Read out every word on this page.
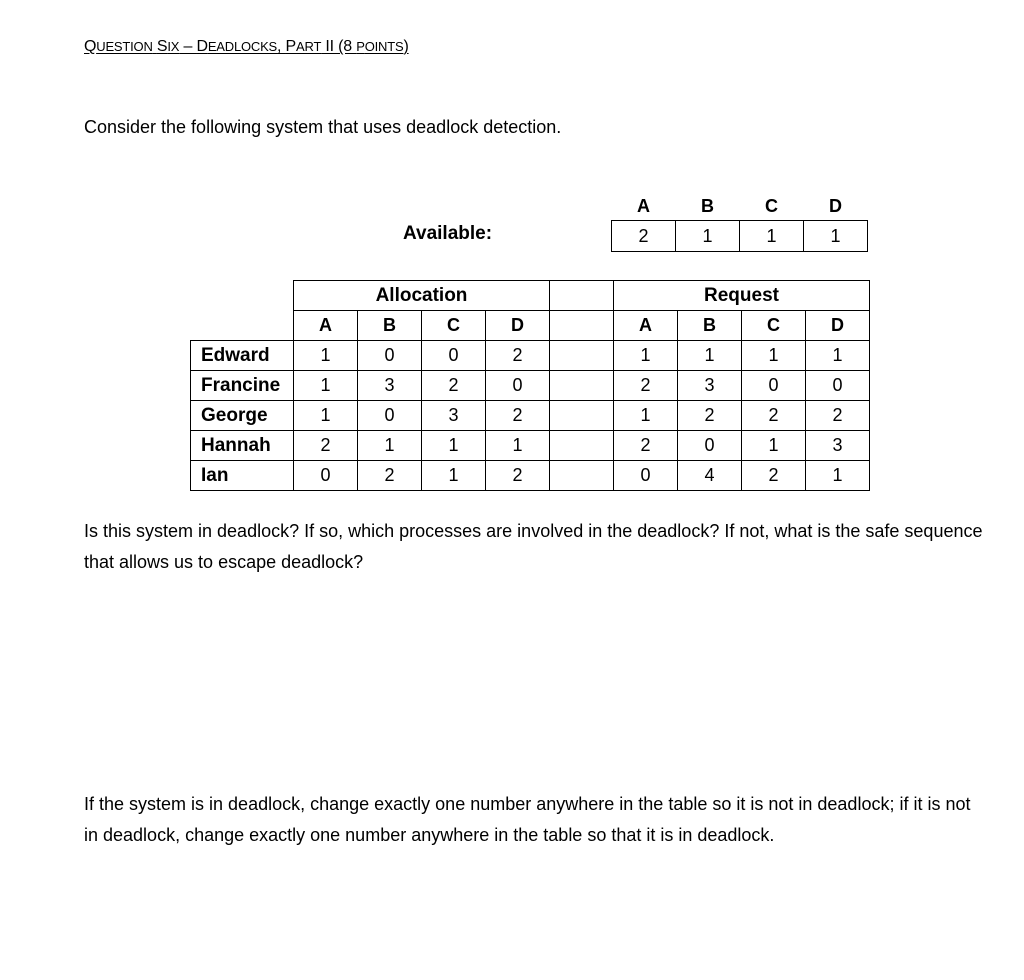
QUESTION SIX – DEADLOCKS, PART II (8 POINTS)
Consider the following system that uses deadlock detection.
Available:
A	B	C	D
2	1	1	1
	Allocation					Request			
	A	B	C	D		A	B	C	D
Edward	1	0	0	2		1	1	1	1
Francine	1	3	2	0		2	3	0	0
George	1	0	3	2		1	2	2	2
Hannah	2	1	1	1		2	0	1	3
Ian	0	2	1	2		0	4	2	1
Is this system in deadlock? If so, which processes are involved in the deadlock? If not, what is the safe sequence that allows us to escape deadlock?
If the system is in deadlock, change exactly one number anywhere in the table so it is not in deadlock; if it is not in deadlock, change exactly one number anywhere in the table so that it is in deadlock.
